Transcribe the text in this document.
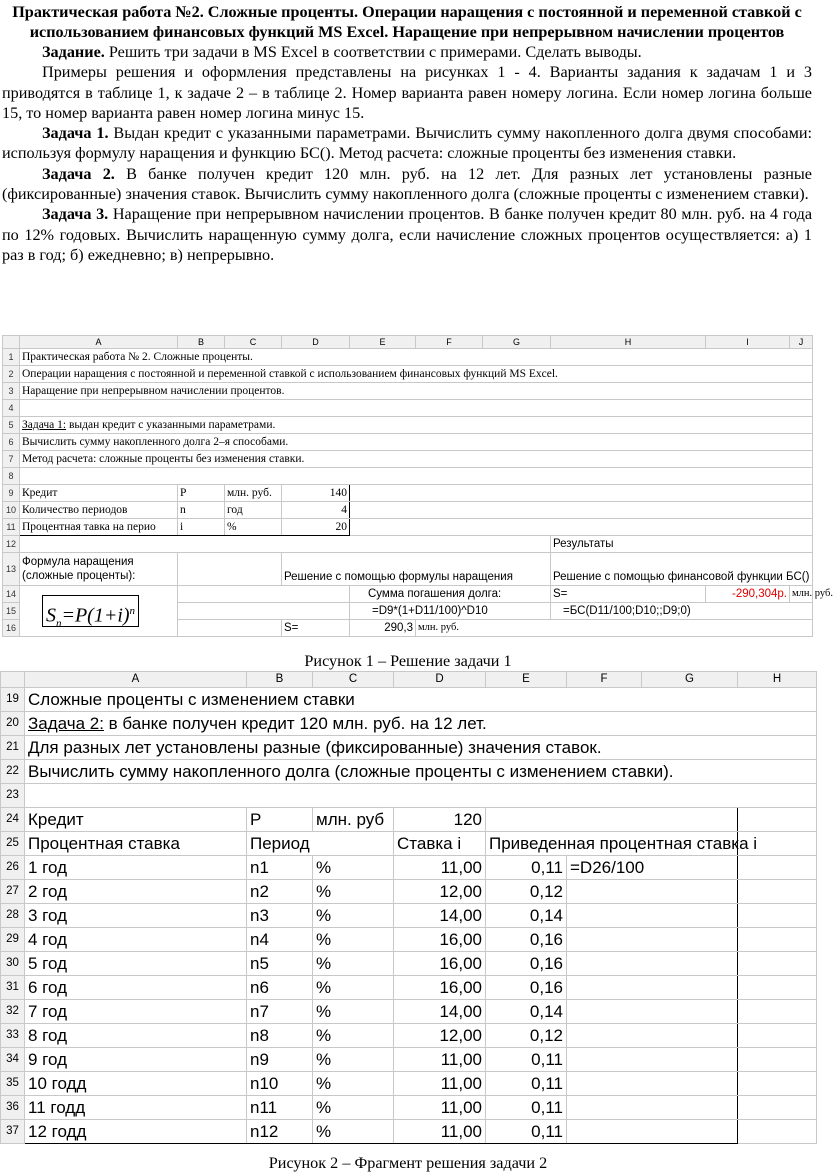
Практическая работа №2. Сложные проценты. Операции наращения с постоянной и переменной ставкой с использованием финансовых функций MS Excel. Наращение при непрерывном начислении процентов

Задание. Решить три задачи в MS Excel в соответствии с примерами. Сделать выводы.

Примеры решения и оформления представлены на рисунках 1 - 4. Варианты задания к задачам 1 и 3 приводятся в таблице 1, к задаче 2 – в таблице 2. Номер варианта равен номеру логина. Если номер логина больше 15, то номер варианта равен номер логина минус 15.

Задача 1. Выдан кредит с указанными параметрами. Вычислить сумму накопленного долга двумя способами: используя формулу наращения и функцию БС(). Метод расчета: сложные проценты без изменения ставки.

Задача 2. В банке получен кредит 120 млн. руб. на 12 лет. Для разных лет установлены разные (фиксированные) значения ставок. Вычислить сумму накопленного долга (сложные проценты с изменением ставки).

Задача 3. Наращение при непрерывном начислении процентов. В банке получен кредит 80 млн. руб. на 4 года по 12% годовых. Вычислить наращенную сумму долга, если начисление сложных процентов осуществляется: а) 1 раз в год; б) ежедневно; в) непрерывно.

	A	B	C	D	E	F	G	H	I	J
1	Практическая работа № 2. Сложные проценты.									
2	Операции наращения с постоянной и переменной ставкой с использованием финансовых функций MS Excel.									
3	Наращение при непрерывном начислении процентов.									
4										
5	Задача 1: выдан кредит с указанными параметрами.									
6	Вычислить сумму накопленного долга 2–я способами.									
7	Метод расчета: сложные проценты без изменения ставки.									
8										
9	Кредит	P	млн. руб.	140						
10	Количество периодов	n	год	4						
11	Процентная тавка на перио	i	%	20						
12								Результаты		
13	Формула наращения
(сложные проценты):			Решение с помощью формулы наращения				Решение с помощью финансовой функции БС()		
14	$S_n=P(1+i)^n$				Сумма погашения долга:			S=	-290,304р.	млн. руб.
15					=D9*(1+D11/100)^D10			=БС(D11/100;D10;;D9;0)		
16				S=	290,3	млн. руб.				
Рисунок 1 – Решение задачи 1
	A	B	C	D	E	F	G	H
19	Сложные проценты с изменением ставки							
20	Задача 2: в банке получен кредит 120 млн. руб. на 12 лет.							
21	Для разных лет установлены разные (фиксированные) значения ставок.							
22	Вычислить сумму накопленного долга (сложные проценты с изменением ставки).							
23								
24	Кредит	P	млн. руб	120				
25	Процентная ставка	Период		Ставка i	Приведенная процентная ставка i			
26	1 год	n1	%	11,00	0,11	=D26/100		
27	2 год	n2	%	12,00	0,12			
28	3 год	n3	%	14,00	0,14			
29	4 год	n4	%	16,00	0,16			
30	5 год	n5	%	16,00	0,16			
31	6 год	n6	%	16,00	0,16			
32	7 год	n7	%	14,00	0,14			
33	8 год	n8	%	12,00	0,12			
34	9 год	n9	%	11,00	0,11			
35	10 годд	n10	%	11,00	0,11			
36	11 годд	n11	%	11,00	0,11			
37	12 годд	n12	%	11,00	0,11			
Рисунок 2 – Фрагмент решения задачи 2
